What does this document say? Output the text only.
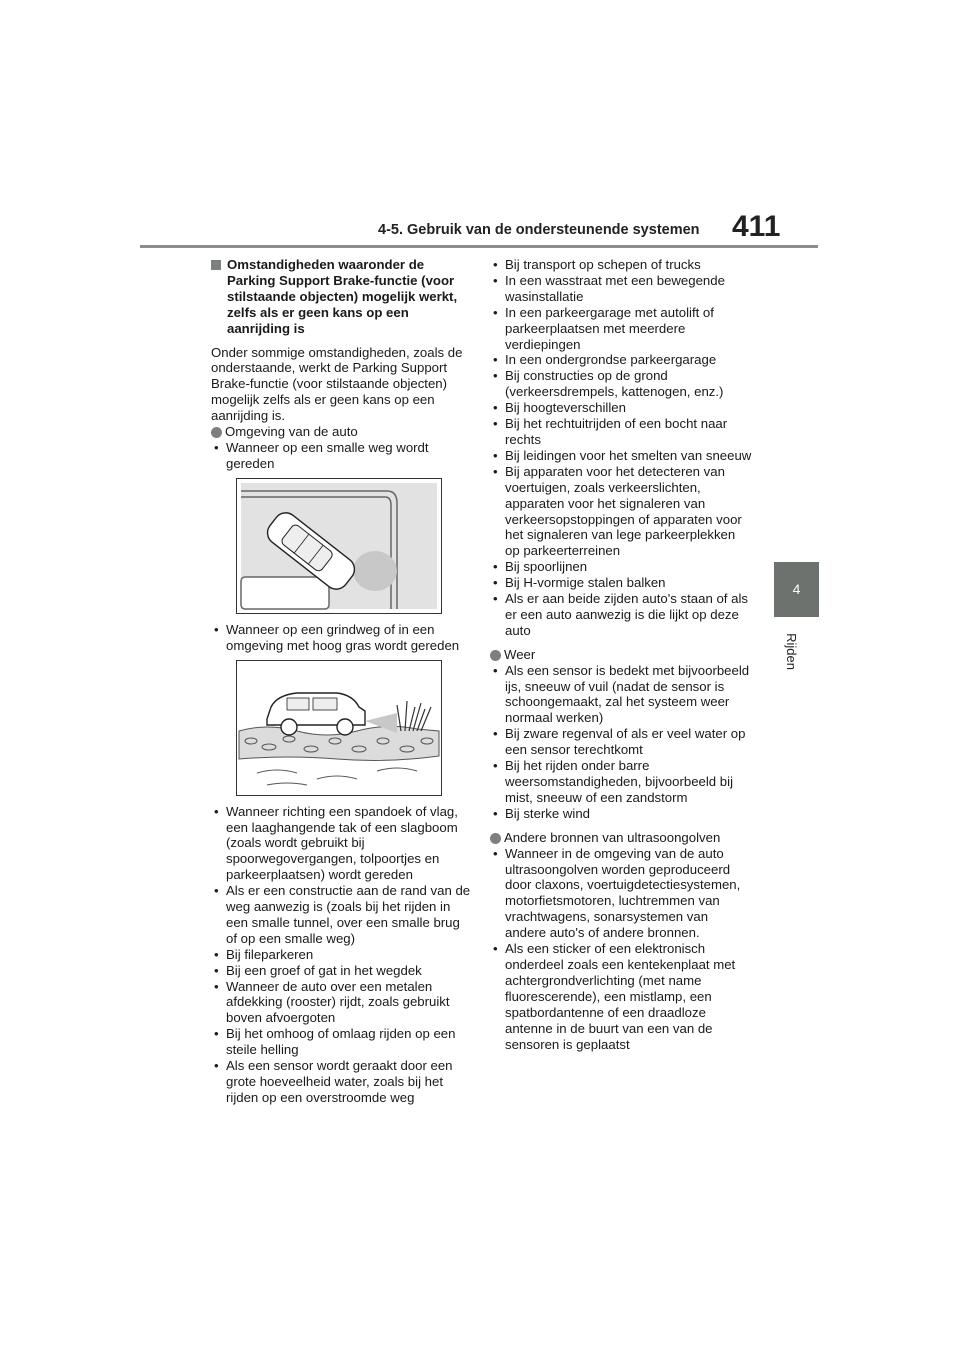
4-5. Gebruik van de ondersteunende systemen 411
4
Rijden
Omstandigheden waaronder de Parking Support Brake-functie (voor stilstaande objecten) mogelijk werkt, zelfs als er geen kans op een aanrijding is

Onder sommige omstandigheden, zoals de onderstaande, werkt de Parking Support Brake-functie (voor stilstaande objecten) mogelijk zelfs als er geen kans op een aanrijding is.

Omgeving van de auto
• Wanneer op een smalle weg wordt gereden
• Wanneer op een grindweg of in een omgeving met hoog gras wordt gereden
• Wanneer richting een spandoek of vlag, een laaghangende tak of een slagboom (zoals wordt gebruikt bij spoorwegovergangen, tolpoortjes en parkeerplaatsen) wordt gereden
• Als er een constructie aan de rand van de weg aanwezig is (zoals bij het rijden in een smalle tunnel, over een smalle brug of op een smalle weg)
• Bij fileparkeren
• Bij een groef of gat in het wegdek
• Wanneer de auto over een metalen afdekking (rooster) rijdt, zoals gebruikt boven afvoergoten
• Bij het omhoog of omlaag rijden op een steile helling
• Als een sensor wordt geraakt door een grote hoeveelheid water, zoals bij het rijden op een overstroomde weg
• Bij transport op schepen of trucks
• In een wasstraat met een bewegende wasinstallatie
• In een parkeergarage met autolift of parkeerplaatsen met meerdere verdiepingen
• In een ondergrondse parkeergarage
• Bij constructies op de grond (verkeersdrempels, kattenogen, enz.)
• Bij hoogteverschillen
• Bij het rechtuitrijden of een bocht naar rechts
• Bij leidingen voor het smelten van sneeuw
• Bij apparaten voor het detecteren van voertuigen, zoals verkeerslichten, apparaten voor het signaleren van verkeersopstoppingen of apparaten voor het signaleren van lege parkeerplekken op parkeerterreinen
• Bij spoorlijnen
• Bij H-vormige stalen balken
• Als er aan beide zijden auto's staan of als er een auto aanwezig is die lijkt op deze auto
Weer
• Als een sensor is bedekt met bijvoorbeeld ijs, sneeuw of vuil (nadat de sensor is schoongemaakt, zal het systeem weer normaal werken)
• Bij zware regenval of als er veel water op een sensor terechtkomt
• Bij het rijden onder barre weersomstandigheden, bijvoorbeeld bij mist, sneeuw of een zandstorm
• Bij sterke wind
Andere bronnen van ultrasoongolven
• Wanneer in de omgeving van de auto ultrasoongolven worden geproduceerd door claxons, voertuigdetectiesystemen, motorfietsmotoren, luchtremmen van vrachtwagens, sonarsystemen van andere auto's of andere bronnen.
• Als een sticker of een elektronisch onderdeel zoals een kentekenplaat met achtergrondverlichting (met name fluorescerende), een mistlamp, een spatbordantenne of een draadloze antenne in de buurt van een van de sensoren is geplaatst
